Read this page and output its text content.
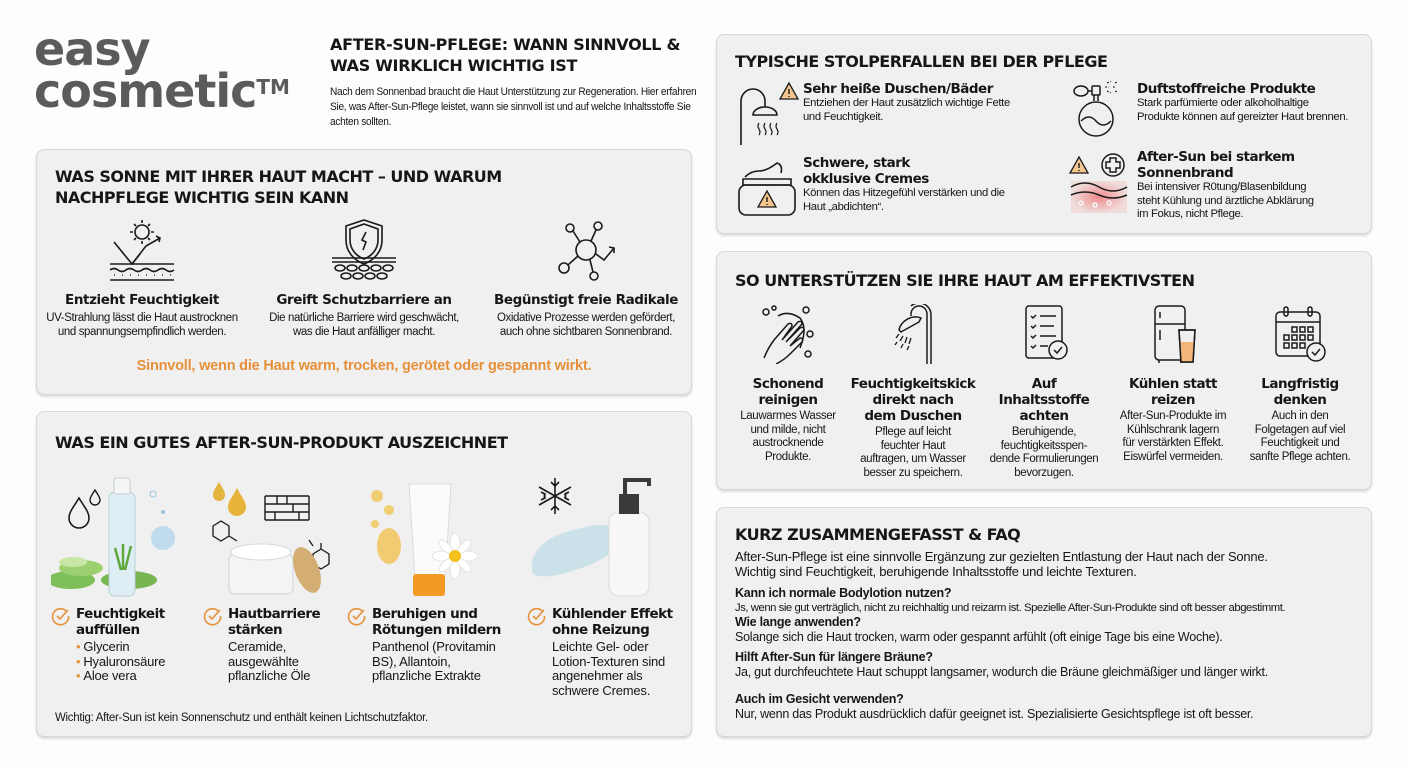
easy
cosmetic™
AFTER-SUN-PFLEGE: WANN SINNVOLL & WAS WIRKLICH WICHTIG IST

Nach dem Sonnenbad braucht die Haut Unterstützung zur Regeneration. Hier erfahren Sie, was After-Sun-Pflege leistet, wann sie sinnvoll ist und auf welche Inhaltsstoffe Sie achten sollten.

WAS SONNE MIT IHRER HAUT MACHT – UND WARUM NACHPFLEGE WICHTIG SEIN KANN
Entzieht Feuchtigkeit
UV-Strahlung lässt die Haut austrocknen
und spannungsempfindlich werden.
Greift Schutzbarriere an
Die natürliche Barriere wird geschwächt,
was die Haut anfälliger macht.
Begünstigt freie Radikale
Oxidative Prozesse werden gefördert,
auch ohne sichtbaren Sonnenbrand.
Sinnvoll, wenn die Haut warm, trocken, gerötet oder gespannt wirkt.
WAS EIN GUTES AFTER-SUN-PRODUKT AUSZEICHNET
Feuchtigkeit
auffüllen
• Glycerin
• Hyaluronsäure
• Aloe vera
Hautbarriere
stärken
Ceramide,
ausgewählte
pflanzliche Öle
Beruhigen und
Rötungen mildern
Panthenol (Provitamin
BS), Allantoin,
pflanzliche Extrakte
Kühlender Effekt
ohne Reizung
Leichte Gel- oder
Lotion-Texturen sind
angenehmer als
schwere Cremes.
Wichtig: After-Sun ist kein Sonnenschutz und enthält keinen Lichtschutzfaktor.
TYPISCHE STOLPERFALLEN BEI DER PFLEGE
Sehr heiße Duschen/Bäder
Entziehen der Haut zusätzlich wichtige Fette
und Feuchtigkeit.
Duftstoffreiche Produkte
Stark parfümierte oder alkoholhaltige
Produkte können auf gereizter Haut brennen.
Schwere, stark
okklusive Cremes
Können das Hitzegefühl verstärken und die
Haut „abdichten“.
After-Sun bei starkem
Sonnenbrand
Bei intensiver R0tung/Blasenbildung
steht Kühlung und ärztliche Abklärung
im Fokus, nicht Pflege.
SO UNTERSTÜTZEN SIE IHRE HAUT AM EFFEKTIVSTEN
Schonend
reinigen
Lauwarmes Wasser
und milde, nicht
austrocknende
Produkte.
Feuchtigkeitskick
direkt nach
dem Duschen
Pflege auf leicht
feuchter Haut
auftragen, um Wasser
besser zu speichern.
Auf
Inhaltsstoffe
achten
Beruhigende,
feuchtigkeitsspen-
dende Formulierungen
bevorzugen.
Kühlen statt
reizen
After-Sun-Produkte im
Kühlschrank lagern
für verstärkten Effekt.
Eiswürfel vermeiden.
Langfristig
denken
Auch in den
Folgetagen auf viel
Feuchtigkeit und
sanfte Pflege achten.
KURZ ZUSAMMENGEFASST & FAQ
After-Sun-Pflege ist eine sinnvolle Ergänzung zur gezielten Entlastung der Haut nach der Sonne.
Wichtig sind Feuchtigkeit, beruhigende Inhaltsstoffe und leichte Texturen.
Kann ich normale Bodylotion nutzen?
Js, wenn sie gut verträglich, nicht zu reichhaltig und reizarm ist. Spezielle After-Sun-Produkte sind oft besser abgestimmt.
Wie lange anwenden?
Solange sich die Haut trocken, warm oder gespannt arfühlt (oft einige Tage bis eine Woche).
Hilft After-Sun für längere Bräune?
Ja, gut durchfeuchtete Haut schuppt langsamer, wodurch die Bräune gleichmäßiger und länger wirkt.
Auch im Gesicht verwenden?
Nur, wenn das Produkt ausdrücklich dafür geeignet ist. Spezialisierte Gesichtspflege ist oft besser.
